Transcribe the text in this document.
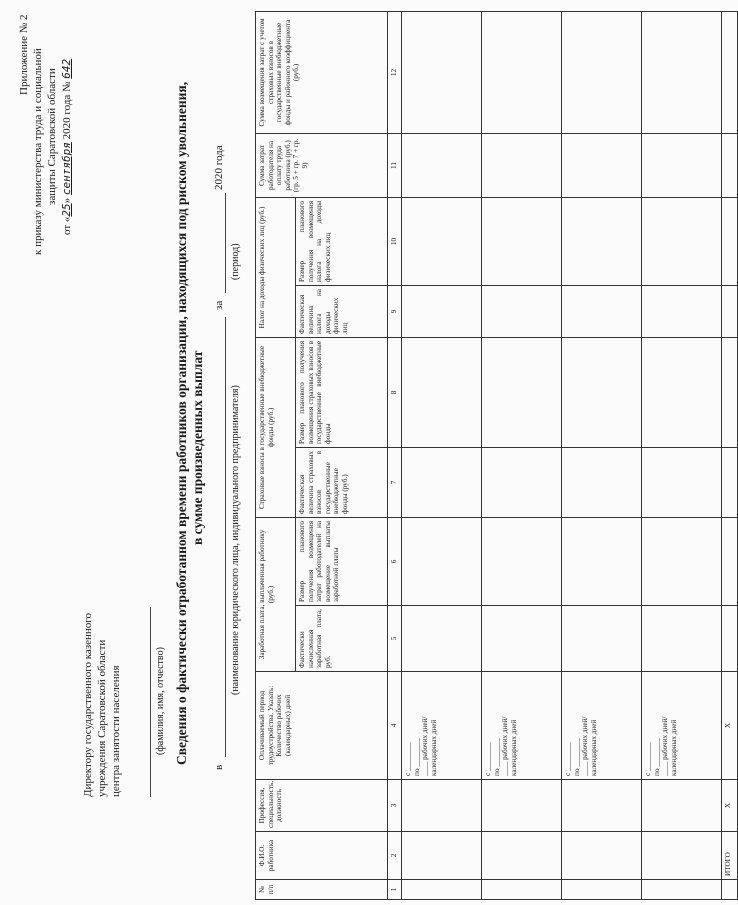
Приложение № 2 к приказу министерства труда и социальной защиты Саратовской области
от «25» сентября 2020 года № 642
Директору государственного казенного учреждения Саратовской области центра занятости населения	(фамилия, имя, отчество) Сведения о фактически отработанном времени работников организации, находящихся под риском увольнения, в суммe произведенных выплат
в
за
2020 года
(наименование юридического лица, индивидуального предпринимателя)
(период)
№ п/п	Ф.И.О. работника	Профессия, специальность, должность	Оплачиваемый период трудоустройства. Указать: Количество рабочих (календарных) дней	Заработная плата, выплаченная работнику (руб.)		Страховые взносы в государственные внебюджетные фонды (руб.)		Налог на доходы физических лиц (руб.)		Сумма затрат работодателя на оплату труда работника (руб.) (гр. 5 + гр. 7 + гр. 9)	Сумма возмещения затрат с учетом страховых взносов в государственные внебюджетные фонды и районного коэффициента (руб.)
				Фактически начисленная заработная плата, руб.	Размер планового получения возмещения затрат работодателей на возмещение выплаты заработной платы	Фактическая величина страховых взносов в государственные внебюджетные фонды (руб.)	Размер планового получения возмещения страховых взносов в государственные внебюджетные фонды	Фактическая величина налога на доходы физических лиц	Размер планового получения возмещения налога на доходы физических лиц		
1	2	3	4	5	6	7	8	9	10	11	12
			с ________
по ________
____ рабочих дней/ календарных дней								
			с ________
по ________
____ рабочих дней/ календарных дней								
			с ________
по ________
____ рабочих дней/ календарных дней								
			с ________
по ________
____ рабочих дней/ календарных дней								
	ИТОГО	X	X								
